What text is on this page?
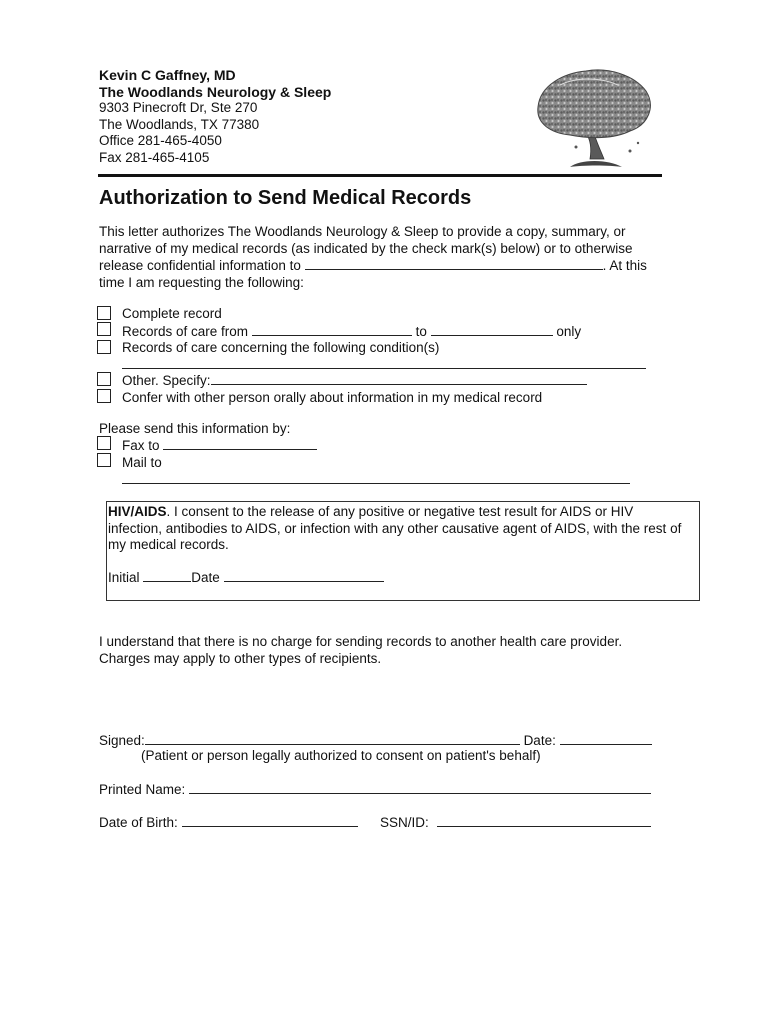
Kevin C Gaffney, MD
The Woodlands Neurology & Sleep
9303 Pinecroft Dr, Ste 270
The Woodlands, TX 77380
Office 281-465-4050
Fax 281-465-4105
Authorization to Send Medical Records
This letter authorizes The Woodlands Neurology & Sleep to provide a copy, summary, or
narrative of my medical records (as indicated by the check mark(s) below) or to otherwise
release confidential information to	. At this
time I am requesting the following:
Complete record
Records of care from	to	only
Records of care concerning the following condition(s)
Other. Specify:
Confer with other person orally about information in my medical record
Please send this information by:
Fax to
Mail to
HIV/AIDS. I consent to the release of any positive or negative test result for AIDS or HIV
infection, antibodies to AIDS, or infection with any other causative agent of AIDS, with the rest of
my medical records.
Initial	Date
I understand that there is no charge for sending records to another health care provider.
Charges may apply to other types of recipients.
Signed:	Date:
(Patient or person legally authorized to consent on patient's behalf)
Printed Name:
Date of Birth:	SSN/ID:
